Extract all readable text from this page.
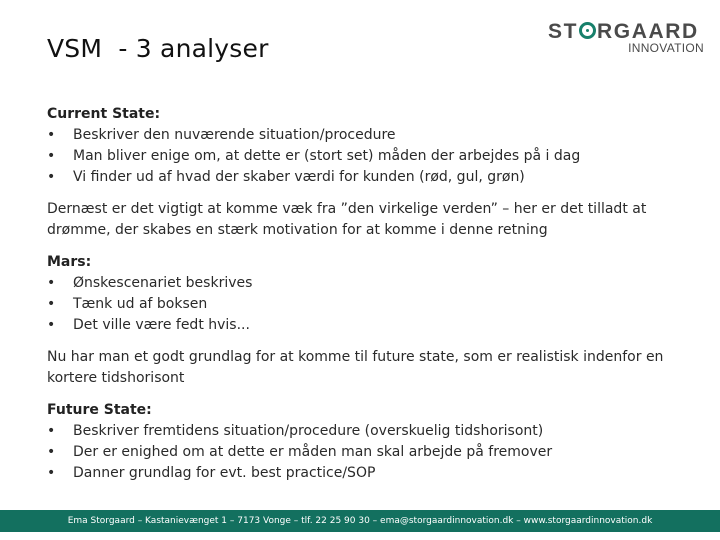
VSM  - 3 analyser
ST RGAARD
INNOVATION
Current State:
• Beskriver den nuværende situation/procedure
• Man bliver enige om, at dette er (stort set) måden der arbejdes på i dag
• Vi finder ud af hvad der skaber værdi for kunden (rød, gul, grøn)
Dernæst er det vigtigt at komme væk fra ”den virkelige verden” – her er det tilladt at drømme, der skabes en stærk motivation for at komme i denne retning
Mars:
• Ønskescenariet beskrives
• Tænk ud af boksen
• Det ville være fedt hvis...
Nu har man et godt grundlag for at komme til future state, som er realistisk indenfor en kortere tidshorisont
Future State:
• Beskriver fremtidens situation/procedure (overskuelig tidshorisont)
• Der er enighed om at dette er måden man skal arbejde på fremover
• Danner grundlag for evt. best practice/SOP
Ema Storgaard – Kastanievænget 1 – 7173 Vonge – tlf. 22 25 90 30 – ema@storgaardinnovation.dk – www.storgaardinnovation.dk
